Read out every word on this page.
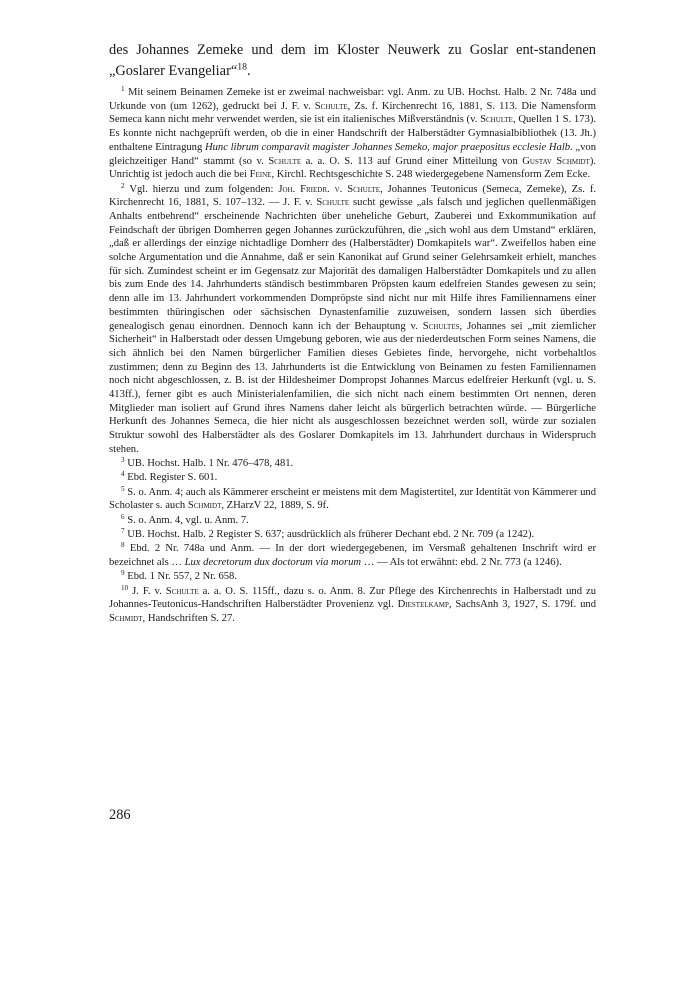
des Johannes Zemeke und dem im Kloster Neuwerk zu Goslar ent-standenen „Goslarer Evangeliar“$^{18}$.

$^1$ Mit seinem Beinamen Zemeke ist er zweimal nachweisbar: vgl. Anm. zu UB. Hochst. Halb. 2 Nr. 748a und Urkunde von (um 1262), gedruckt bei J. F. v. Schulte, Zs. f. Kirchenrecht 16, 1881, S. 113. Die Namensform Semeca kann nicht mehr verwendet werden, sie ist ein italienisches Mißverständnis (v. Schulte, Quellen 1 S. 173). Es konnte nicht nachgeprüft werden, ob die in einer Handschrift der Halberstädter Gymnasialbibliothek (13. Jh.) enthaltene Eintragung Hunc librum comparavit magister Johannes Semeko, major praepositus ecclesie Halb. „von gleichzeitiger Hand“ stammt (so v. Schulte a. a. O. S. 113 auf Grund einer Mitteilung von Gustav Schmidt). Unrichtig ist jedoch auch die bei Feine, Kirchl. Rechtsgeschichte S. 248 wiedergegebene Namensform Zem Ecke.

$^2$ Vgl. hierzu und zum folgenden: Joh. Friedr. v. Schulte, Johannes Teutonicus (Semeca, Zemeke), Zs. f. Kirchenrecht 16, 1881, S. 107–132. — J. F. v. Schulte sucht gewisse „als falsch und jeglichen quellenmäßigen Anhalts entbehrend“ erscheinende Nachrichten über uneheliche Geburt, Zauberei und Exkommunikation auf Feindschaft der übrigen Domherren gegen Johannes zurückzuführen, die „sich wohl aus dem Umstand“ erklären, „daß er allerdings der einzige nichtadlige Domherr des (Halberstädter) Domkapitels war“. Zweifellos haben eine solche Argumentation und die Annahme, daß er sein Kanonikat auf Grund seiner Gelehrsamkeit erhielt, manches für sich. Zumindest scheint er im Gegensatz zur Majorität des damaligen Halberstädter Domkapitels und zu allen bis zum Ende des 14. Jahrhunderts ständisch bestimmbaren Pröpsten kaum edelfreien Standes gewesen zu sein; denn alle im 13. Jahrhundert vorkommenden Dompröpste sind nicht nur mit Hilfe ihres Familiennamens einer bestimmten thüringischen oder sächsischen Dynastenfamilie zuzuweisen, sondern lassen sich überdies genealogisch genau einordnen. Dennoch kann ich der Behauptung v. Schultes, Johannes sei „mit ziemlicher Sicherheit“ in Halberstadt oder dessen Umgebung geboren, wie aus der niederdeutschen Form seines Namens, die sich ähnlich bei den Namen bürgerlicher Familien dieses Gebietes finde, hervorgehe, nicht vorbehaltlos zustimmen; denn zu Beginn des 13. Jahrhunderts ist die Entwicklung von Beinamen zu festen Familiennamen noch nicht abgeschlossen, z. B. ist der Hildesheimer Dompropst Johannes Marcus edelfreier Herkunft (vgl. u. S. 413ff.), ferner gibt es auch Ministerialenfamilien, die sich nicht nach einem bestimmten Ort nennen, deren Mitglieder man isoliert auf Grund ihres Namens daher leicht als bürgerlich betrachten würde. — Bürgerliche Herkunft des Johannes Semeca, die hier nicht als ausgeschlossen bezeichnet werden soll, würde zur sozialen Struktur sowohl des Halberstädter als des Goslarer Domkapitels im 13. Jahrhundert durchaus in Widerspruch stehen.

$^3$ UB. Hochst. Halb. 1 Nr. 476–478, 481.

$^4$ Ebd. Register S. 601.

$^5$ S. o. Anm. 4; auch als Kämmerer erscheint er meistens mit dem Magistertitel, zur Identität von Kämmerer und Scholaster s. auch Schmidt, ZHarzV 22, 1889, S. 9f.

$^6$ S. o. Anm. 4, vgl. u. Anm. 7.

$^7$ UB. Hochst. Halb. 2 Register S. 637; ausdrücklich als früherer Dechant ebd. 2 Nr. 709 (a 1242).

$^8$ Ebd. 2 Nr. 748a und Anm. — In der dort wiedergegebenen, im Versmaß gehaltenen Inschrift wird er bezeichnet als … Lux decretorum dux doctorum via morum … — Als tot erwähnt: ebd. 2 Nr. 773 (a 1246).

$^9$ Ebd. 1 Nr. 557, 2 Nr. 658.

$^{10}$ J. F. v. Schulte a. a. O. S. 115ff., dazu s. o. Anm. 8. Zur Pflege des Kirchenrechts in Halberstadt und zu Johannes-Teutonicus-Handschriften Halberstädter Provenienz vgl. Diestelkamp, SachsAnh 3, 1927, S. 179f. und Schmidt, Handschriften S. 27.

286
